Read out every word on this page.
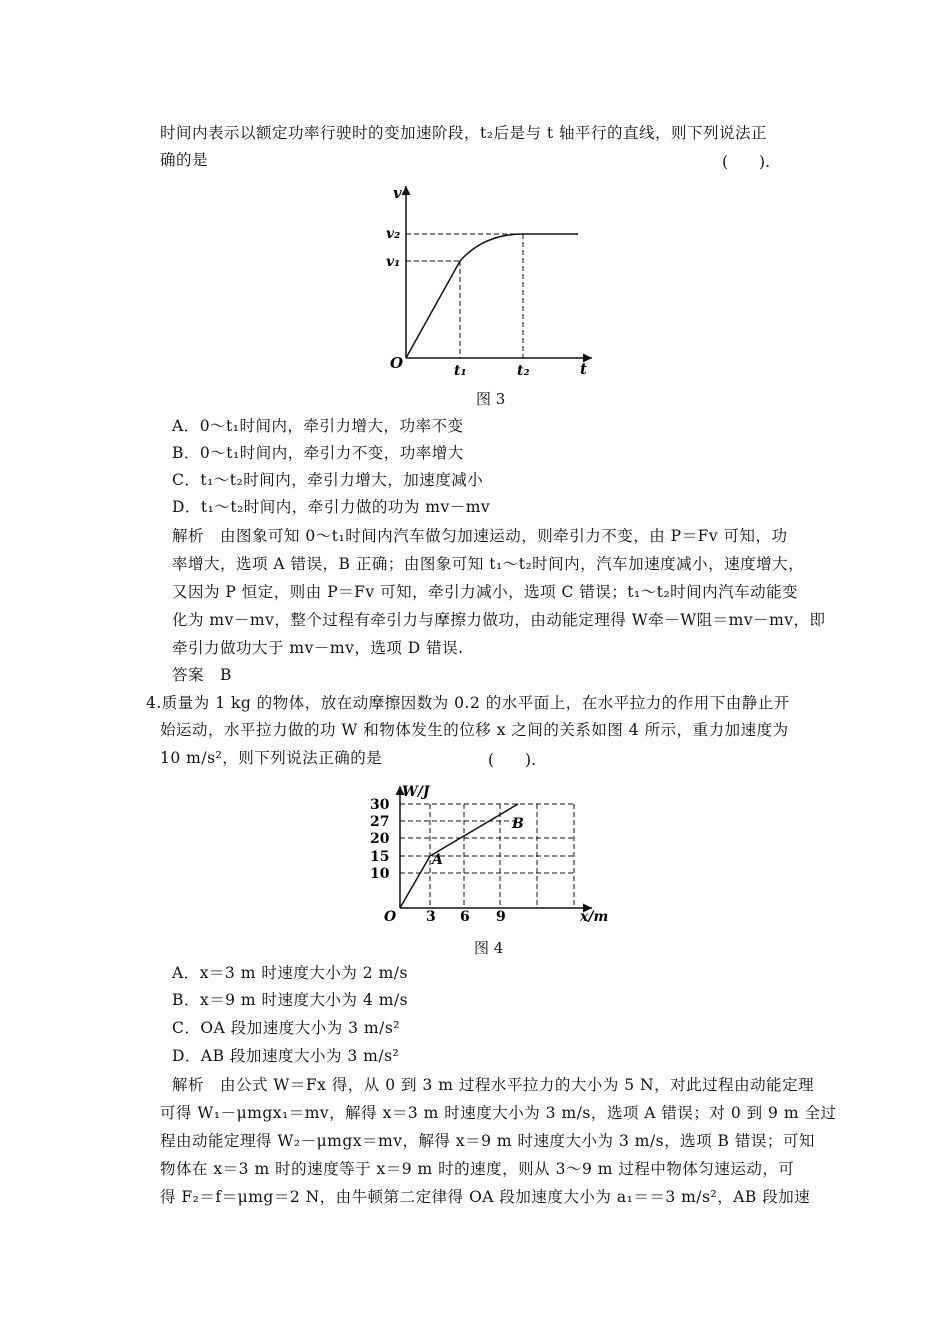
时间内表示以额定功率行驶时的变加速阶段，t₂后是与 t 轴平行的直线，则下列说法正
确的是	(　　).
v
v₂
v₁
O	t₁	t₂	t
图 3
A．0～t₁时间内，牵引力增大，功率不变
B．0～t₁时间内，牵引力不变，功率增大
C．t₁～t₂时间内，牵引力增大，加速度减小
D．t₁～t₂时间内，牵引力做的功为 mv－mv
解析　由图象可知 0～t₁时间内汽车做匀加速运动，则牵引力不变，由 P＝Fv 可知，功
率增大，选项 A 错误，B 正确；由图象可知 t₁～t₂时间内，汽车加速度减小，速度增大，
又因为 P 恒定，则由 P＝Fv 可知，牵引力减小，选项 C 错误；t₁～t₂时间内汽车动能变
化为 mv－mv，整个过程有牵引力与摩擦力做功，由动能定理得 W牵－W阻＝mv－mv，即
牵引力做功大于 mv－mv，选项 D 错误.
答案　B
4.质量为 1 kg 的物体，放在动摩擦因数为 0.2 的水平面上，在水平拉力的作用下由静止开
始运动，水平拉力做的功 W 和物体发生的位移 x 之间的关系如图 4 所示，重力加速度为
10 m/s²，则下列说法正确的是	(　　).
W/J
30
27
20
15
10
O 3 6 9	x/m
A
B
图 4
A．x＝3 m 时速度大小为 2 m/s
B．x＝9 m 时速度大小为 4 m/s
C．OA 段加速度大小为 3 m/s²
D．AB 段加速度大小为 3 m/s²
解析　由公式 W＝Fx 得，从 0 到 3 m 过程水平拉力的大小为 5 N，对此过程由动能定理
可得 W₁－μmgx₁＝mv，解得 x＝3 m 时速度大小为 3 m/s，选项 A 错误；对 0 到 9 m 全过
程由动能定理得 W₂－μmgx＝mv，解得 x＝9 m 时速度大小为 3 m/s，选项 B 错误；可知
物体在 x＝3 m 时的速度等于 x＝9 m 时的速度，则从 3～9 m 过程中物体匀速运动，可
得 F₂＝f＝μmg＝2 N，由牛顿第二定律得 OA 段加速度大小为 a₁＝＝3 m/s²，AB 段加速
